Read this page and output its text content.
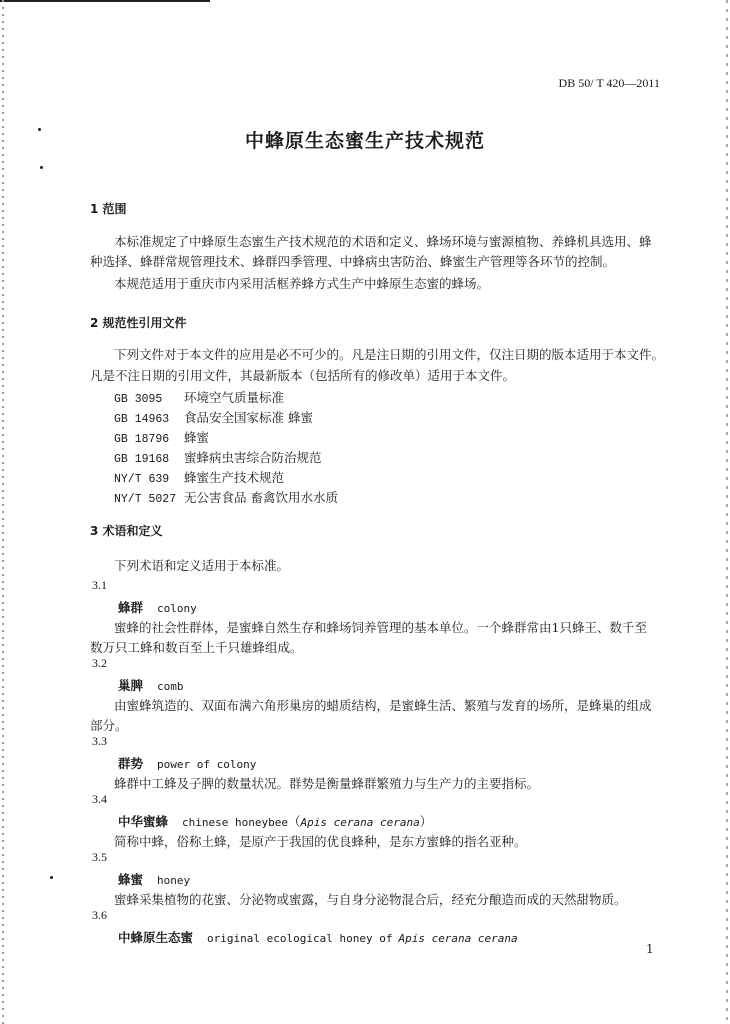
DB 50/ T 420—2011
中蜂原生态蜜生产技术规范
1 范围
本标准规定了中蜂原生态蜜生产技术规范的术语和定义、蜂场环境与蜜源植物、养蜂机具选用、蜂
种选择、蜂群常规管理技术、蜂群四季管理、中蜂病虫害防治、蜂蜜生产管理等各环节的控制。
本规范适用于重庆市内采用活框养蜂方式生产中蜂原生态蜜的蜂场。
2 规范性引用文件
下列文件对于本文件的应用是必不可少的。凡是注日期的引用文件，仅注日期的版本适用于本文件。
凡是不注日期的引用文件，其最新版本（包括所有的修改单）适用于本文件。
GB 3095 环境空气质量标准
GB 14963 食品安全国家标准 蜂蜜
GB 18796 蜂蜜
GB 19168 蜜蜂病虫害综合防治规范
NY/T 639 蜂蜜生产技术规范
NY/T 5027 无公害食品 畜禽饮用水水质
3 术语和定义
下列术语和定义适用于本标准。
3.1
蜂群 colony
蜜蜂的社会性群体，是蜜蜂自然生存和蜂场饲养管理的基本单位。一个蜂群常由1只蜂王、数千至
数万只工蜂和数百至上千只雄蜂组成。
3.2
巢脾 comb
由蜜蜂筑造的、双面布满六角形巢房的蜡质结构，是蜜蜂生活、繁殖与发育的场所，是蜂巢的组成
部分。
3.3
群势 power of colony
蜂群中工蜂及子脾的数量状况。群势是衡量蜂群繁殖力与生产力的主要指标。
3.4
中华蜜蜂 chinese honeybee（Apis cerana cerana）
简称中蜂，俗称土蜂，是原产于我国的优良蜂种，是东方蜜蜂的指名亚种。
3.5
蜂蜜 honey
蜜蜂采集植物的花蜜、分泌物或蜜露，与自身分泌物混合后，经充分酿造而成的天然甜物质。
3.6
中蜂原生态蜜 original ecological honey of Apis cerana cerana
1
